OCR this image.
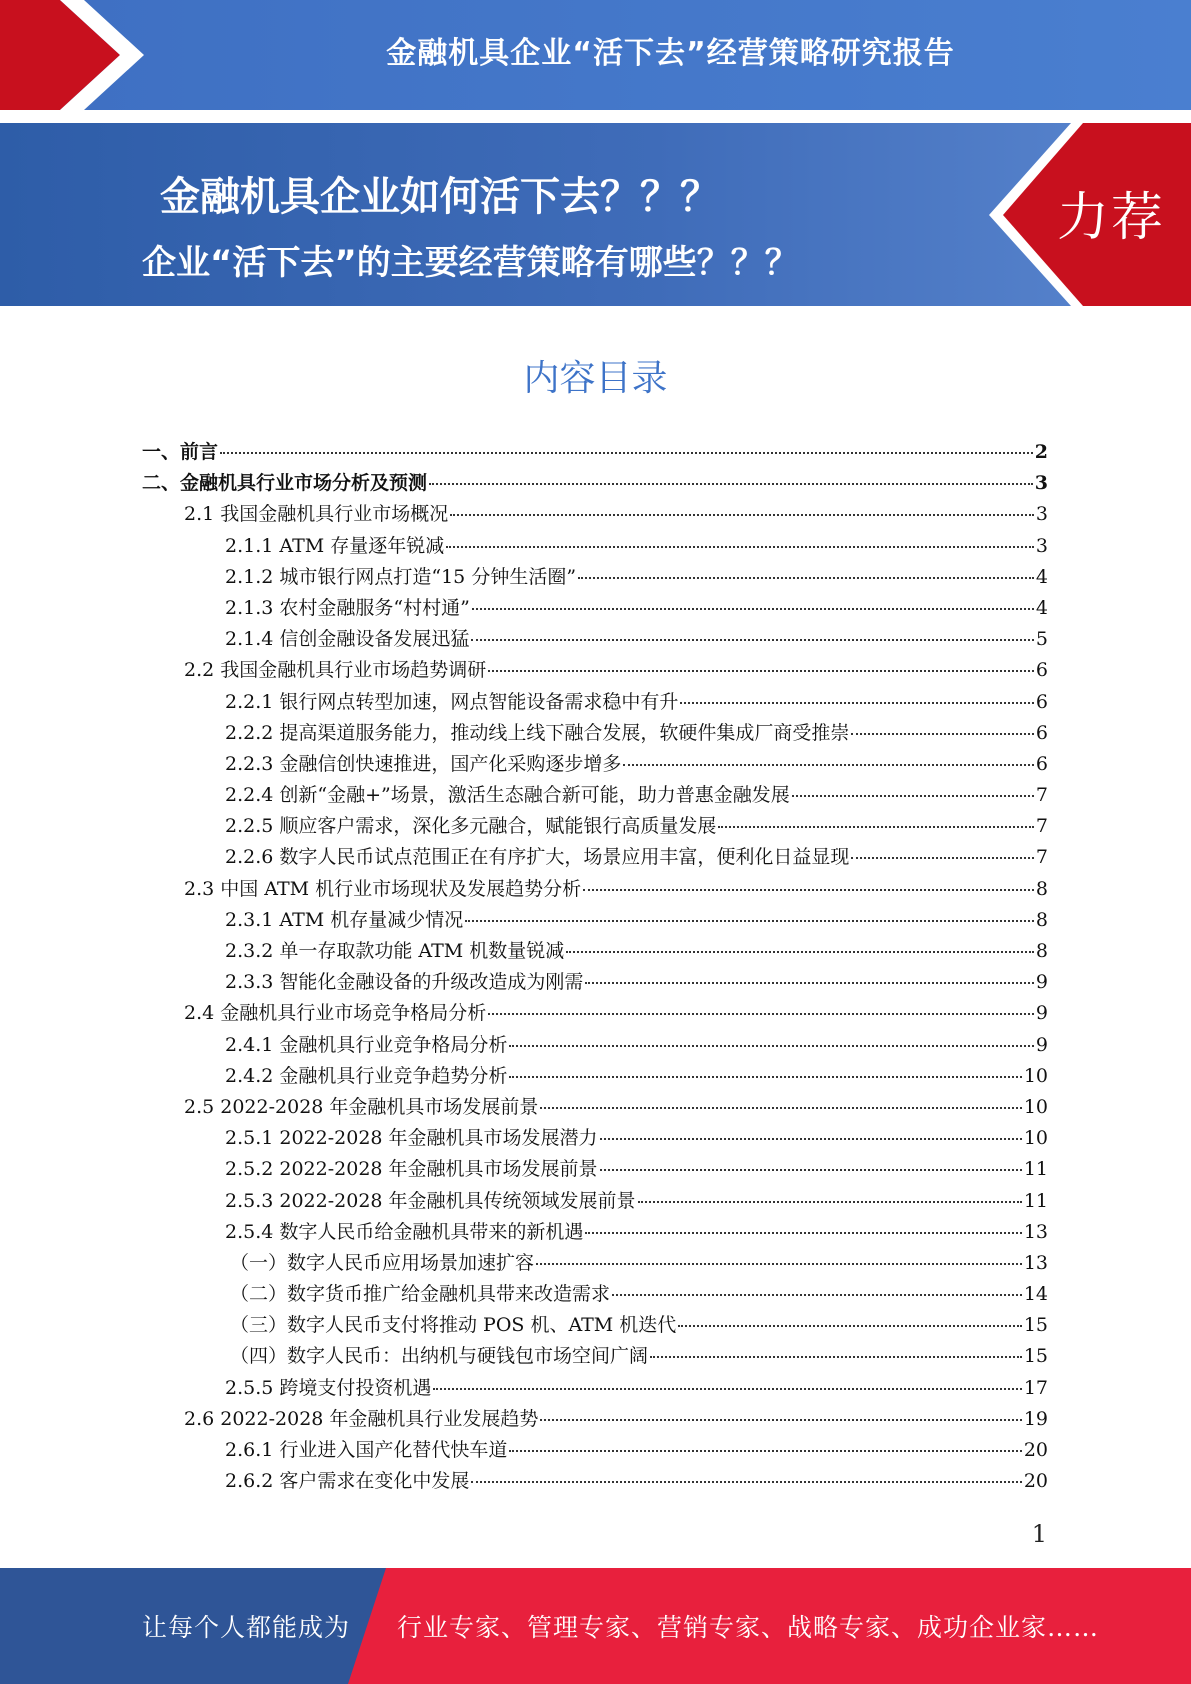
金融机具企业“活下去”经营策略研究报告
金融机具企业如何活下去？？？
企业“活下去”的主要经营策略有哪些？？？
力荐
内容目录
一、前言	2
二、金融机具行业市场分析及预测	3
2.1 我国金融机具行业市场概况	3
2.1.1 ATM 存量逐年锐减	3
2.1.2 城市银行网点打造“15 分钟生活圈”	4
2.1.3 农村金融服务“村村通”	4
2.1.4 信创金融设备发展迅猛	5
2.2 我国金融机具行业市场趋势调研	6
2.2.1 银行网点转型加速，网点智能设备需求稳中有升	6
2.2.2 提高渠道服务能力，推动线上线下融合发展，软硬件集成厂商受推崇	6
2.2.3 金融信创快速推进，国产化采购逐步增多	6
2.2.4 创新“金融+”场景，激活生态融合新可能，助力普惠金融发展	7
2.2.5 顺应客户需求，深化多元融合，赋能银行高质量发展	7
2.2.6 数字人民币试点范围正在有序扩大，场景应用丰富，便利化日益显现	7
2.3 中国 ATM 机行业市场现状及发展趋势分析	8
2.3.1 ATM 机存量减少情况	8
2.3.2 单一存取款功能 ATM 机数量锐减	8
2.3.3 智能化金融设备的升级改造成为刚需	9
2.4 金融机具行业市场竞争格局分析	9
2.4.1 金融机具行业竞争格局分析	9
2.4.2 金融机具行业竞争趋势分析	10
2.5 2022-2028 年金融机具市场发展前景	10
2.5.1 2022-2028 年金融机具市场发展潜力	10
2.5.2 2022-2028 年金融机具市场发展前景	11
2.5.3 2022-2028 年金融机具传统领域发展前景	11
2.5.4 数字人民币给金融机具带来的新机遇	13
（一）数字人民币应用场景加速扩容	13
（二）数字货币推广给金融机具带来改造需求	14
（三）数字人民币支付将推动 POS 机、ATM 机迭代	15
（四）数字人民币：出纳机与硬钱包市场空间广阔	15
2.5.5 跨境支付投资机遇	17
2.6 2022-2028 年金融机具行业发展趋势	19
2.6.1 行业进入国产化替代快车道	20
2.6.2 客户需求在变化中发展	20
1
让每个人都能成为 行业专家、管理专家、营销专家、战略专家、成功企业家……
